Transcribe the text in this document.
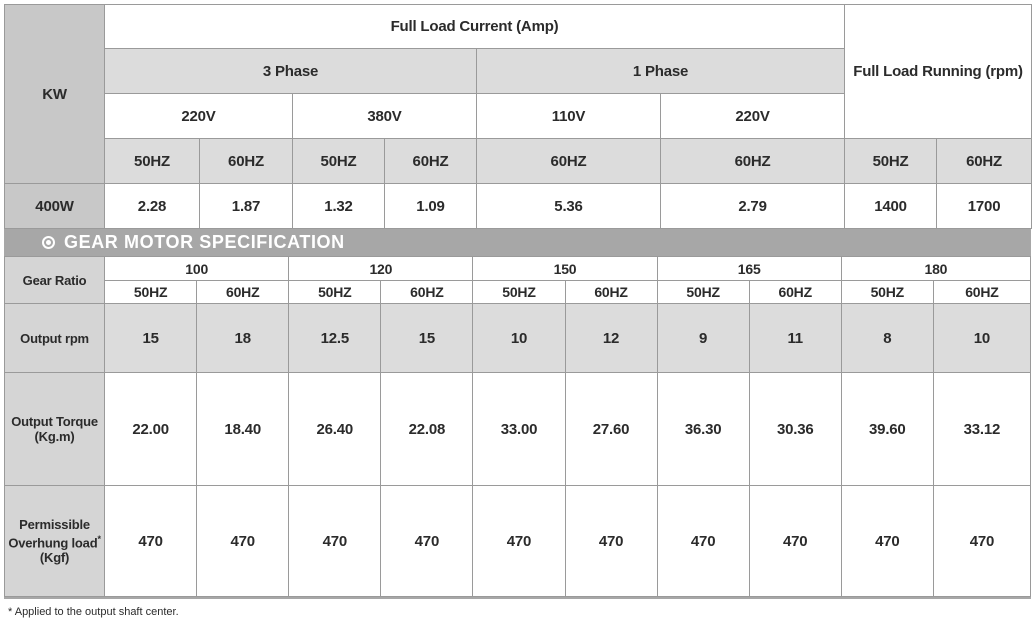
KW	Full Load Current (Amp)						Full Load Running (rpm)	
	3 Phase				1 Phase			
	220V		380V		110V	220V		
	50HZ	60HZ	50HZ	60HZ	60HZ	60HZ	50HZ	60HZ
400W	2.28	1.87	1.32	1.09	5.36	2.79	1400	1700
GEAR MOTOR SPECIFICATION
Gear Ratio	100		120		150		165		180	
	50HZ	60HZ	50HZ	60HZ	50HZ	60HZ	50HZ	60HZ	50HZ	60HZ
Output rpm	15	18	12.5	15	10	12	9	11	8	10

Output Torque
(Kg.m)	22.00	18.40	26.40	22.08	33.00	27.60	36.30	30.36	39.60	33.12

Permissible
Overhung load*
(Kgf)	470	470	470	470	470	470	470	470	470	470
* Applied to the output shaft center.
